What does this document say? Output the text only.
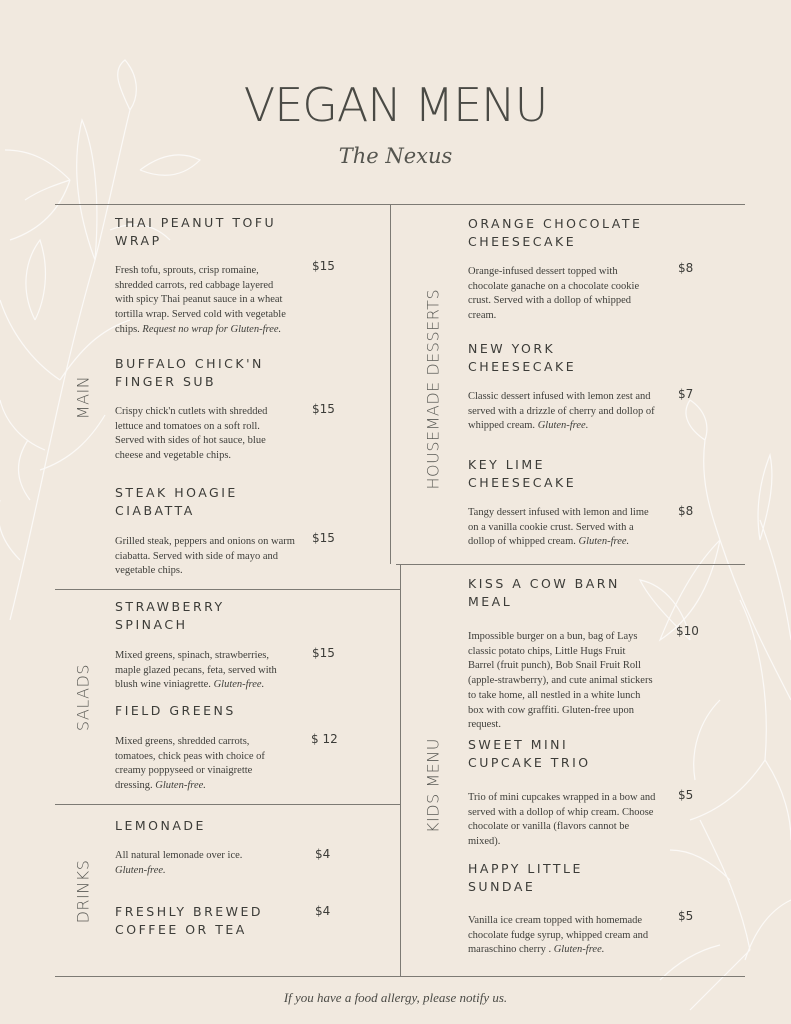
VEGAN MENU
The Nexus
MAIN
SALADS
DRINKS
HOUSEMADE DESSERTS
KIDS MENU
THAI PEANUT TOFU
WRAP
$15
Fresh tofu, sprouts, crisp romaine, shredded carrots, red cabbage layered with spicy Thai peanut sauce in a wheat tortilla wrap. Served cold with vegetable chips. Request no wrap for Gluten-free.
BUFFALO CHICK'N
FINGER SUB
$15
Crispy chick'n cutlets with shredded lettuce and tomatoes on a soft roll. Served with sides of hot sauce, blue cheese and vegetable chips.
STEAK HOAGIE
CIABATTA
$15
Grilled steak, peppers and onions on warm ciabatta. Served with side of mayo and vegetable chips.
STRAWBERRY
SPINACH
$15
Mixed greens, spinach, strawberries, maple glazed pecans, feta, served with blush wine viniagrette. Gluten-free.
FIELD GREENS
$ 12
Mixed greens, shredded carrots, tomatoes, chick peas with choice of creamy poppyseed or vinaigrette dressing. Gluten-free.
LEMONADE
$4
All natural lemonade over ice.
Gluten-free.
FRESHLY BREWED
COFFEE OR TEA
$4
ORANGE CHOCOLATE
CHEESECAKE
$8
Orange-infused dessert topped with chocolate ganache on a chocolate cookie crust. Served with a dollop of whipped cream.
NEW YORK
CHEESECAKE
$7
Classic dessert infused with lemon zest and served with a drizzle of cherry and dollop of whipped cream. Gluten-free.
KEY LIME
CHEESECAKE
$8
Tangy dessert infused with lemon and lime on a vanilla cookie crust. Served with a dollop of whipped cream. Gluten-free.
KISS A COW BARN
MEAL
$10
Impossible burger on a bun, bag of Lays classic potato chips, Little Hugs Fruit Barrel (fruit punch), Bob Snail Fruit Roll (apple-strawberry), and cute animal stickers to take home, all nestled in a white lunch box with cow graffiti. Gluten-free upon request.
SWEET MINI
CUPCAKE TRIO
$5
Trio of mini cupcakes wrapped in a bow and served with a dollop of whip cream. Choose chocolate or vanilla (flavors cannot be mixed).
HAPPY LITTLE
SUNDAE
$5
Vanilla ice cream topped with homemade chocolate fudge syrup, whipped cream and maraschino cherry . Gluten-free.
If you have a food allergy, please notify us.
